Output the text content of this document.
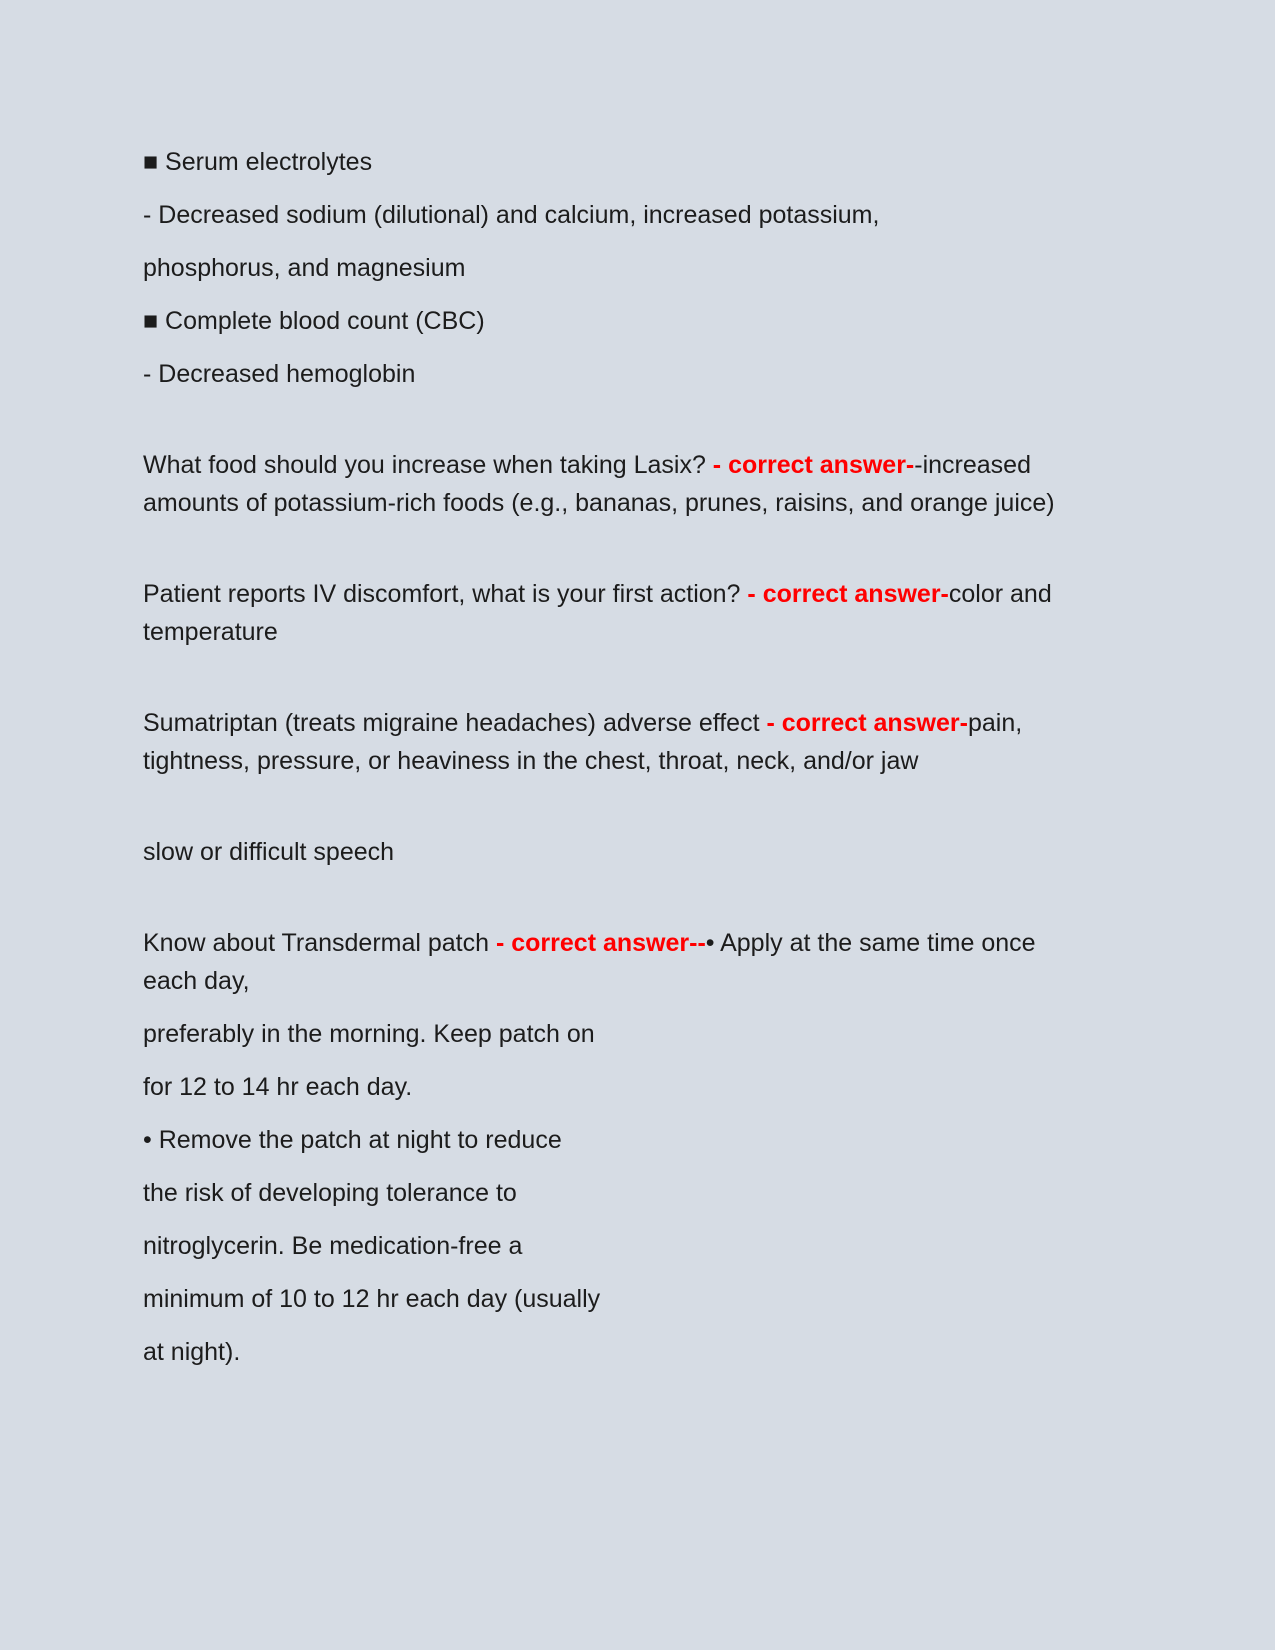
■ Serum electrolytes

- Decreased sodium (dilutional) and calcium, increased potassium,

phosphorus, and magnesium

■ Complete blood count (CBC)

- Decreased hemoglobin

What food should you increase when taking Lasix? - correct answer--increased amounts of potassium-rich foods (e.g., bananas, prunes, raisins, and orange juice)

Patient reports IV discomfort, what is your first action? - correct answer-color and temperature

Sumatriptan (treats migraine headaches) adverse effect - correct answer-pain, tightness, pressure, or heaviness in the chest, throat, neck, and/or jaw

slow or difficult speech

Know about Transdermal patch - correct answer--• Apply at the same time once each day,

preferably in the morning. Keep patch on

for 12 to 14 hr each day.

• Remove the patch at night to reduce

the risk of developing tolerance to

nitroglycerin. Be medication-free a

minimum of 10 to 12 hr each day (usually

at night).
